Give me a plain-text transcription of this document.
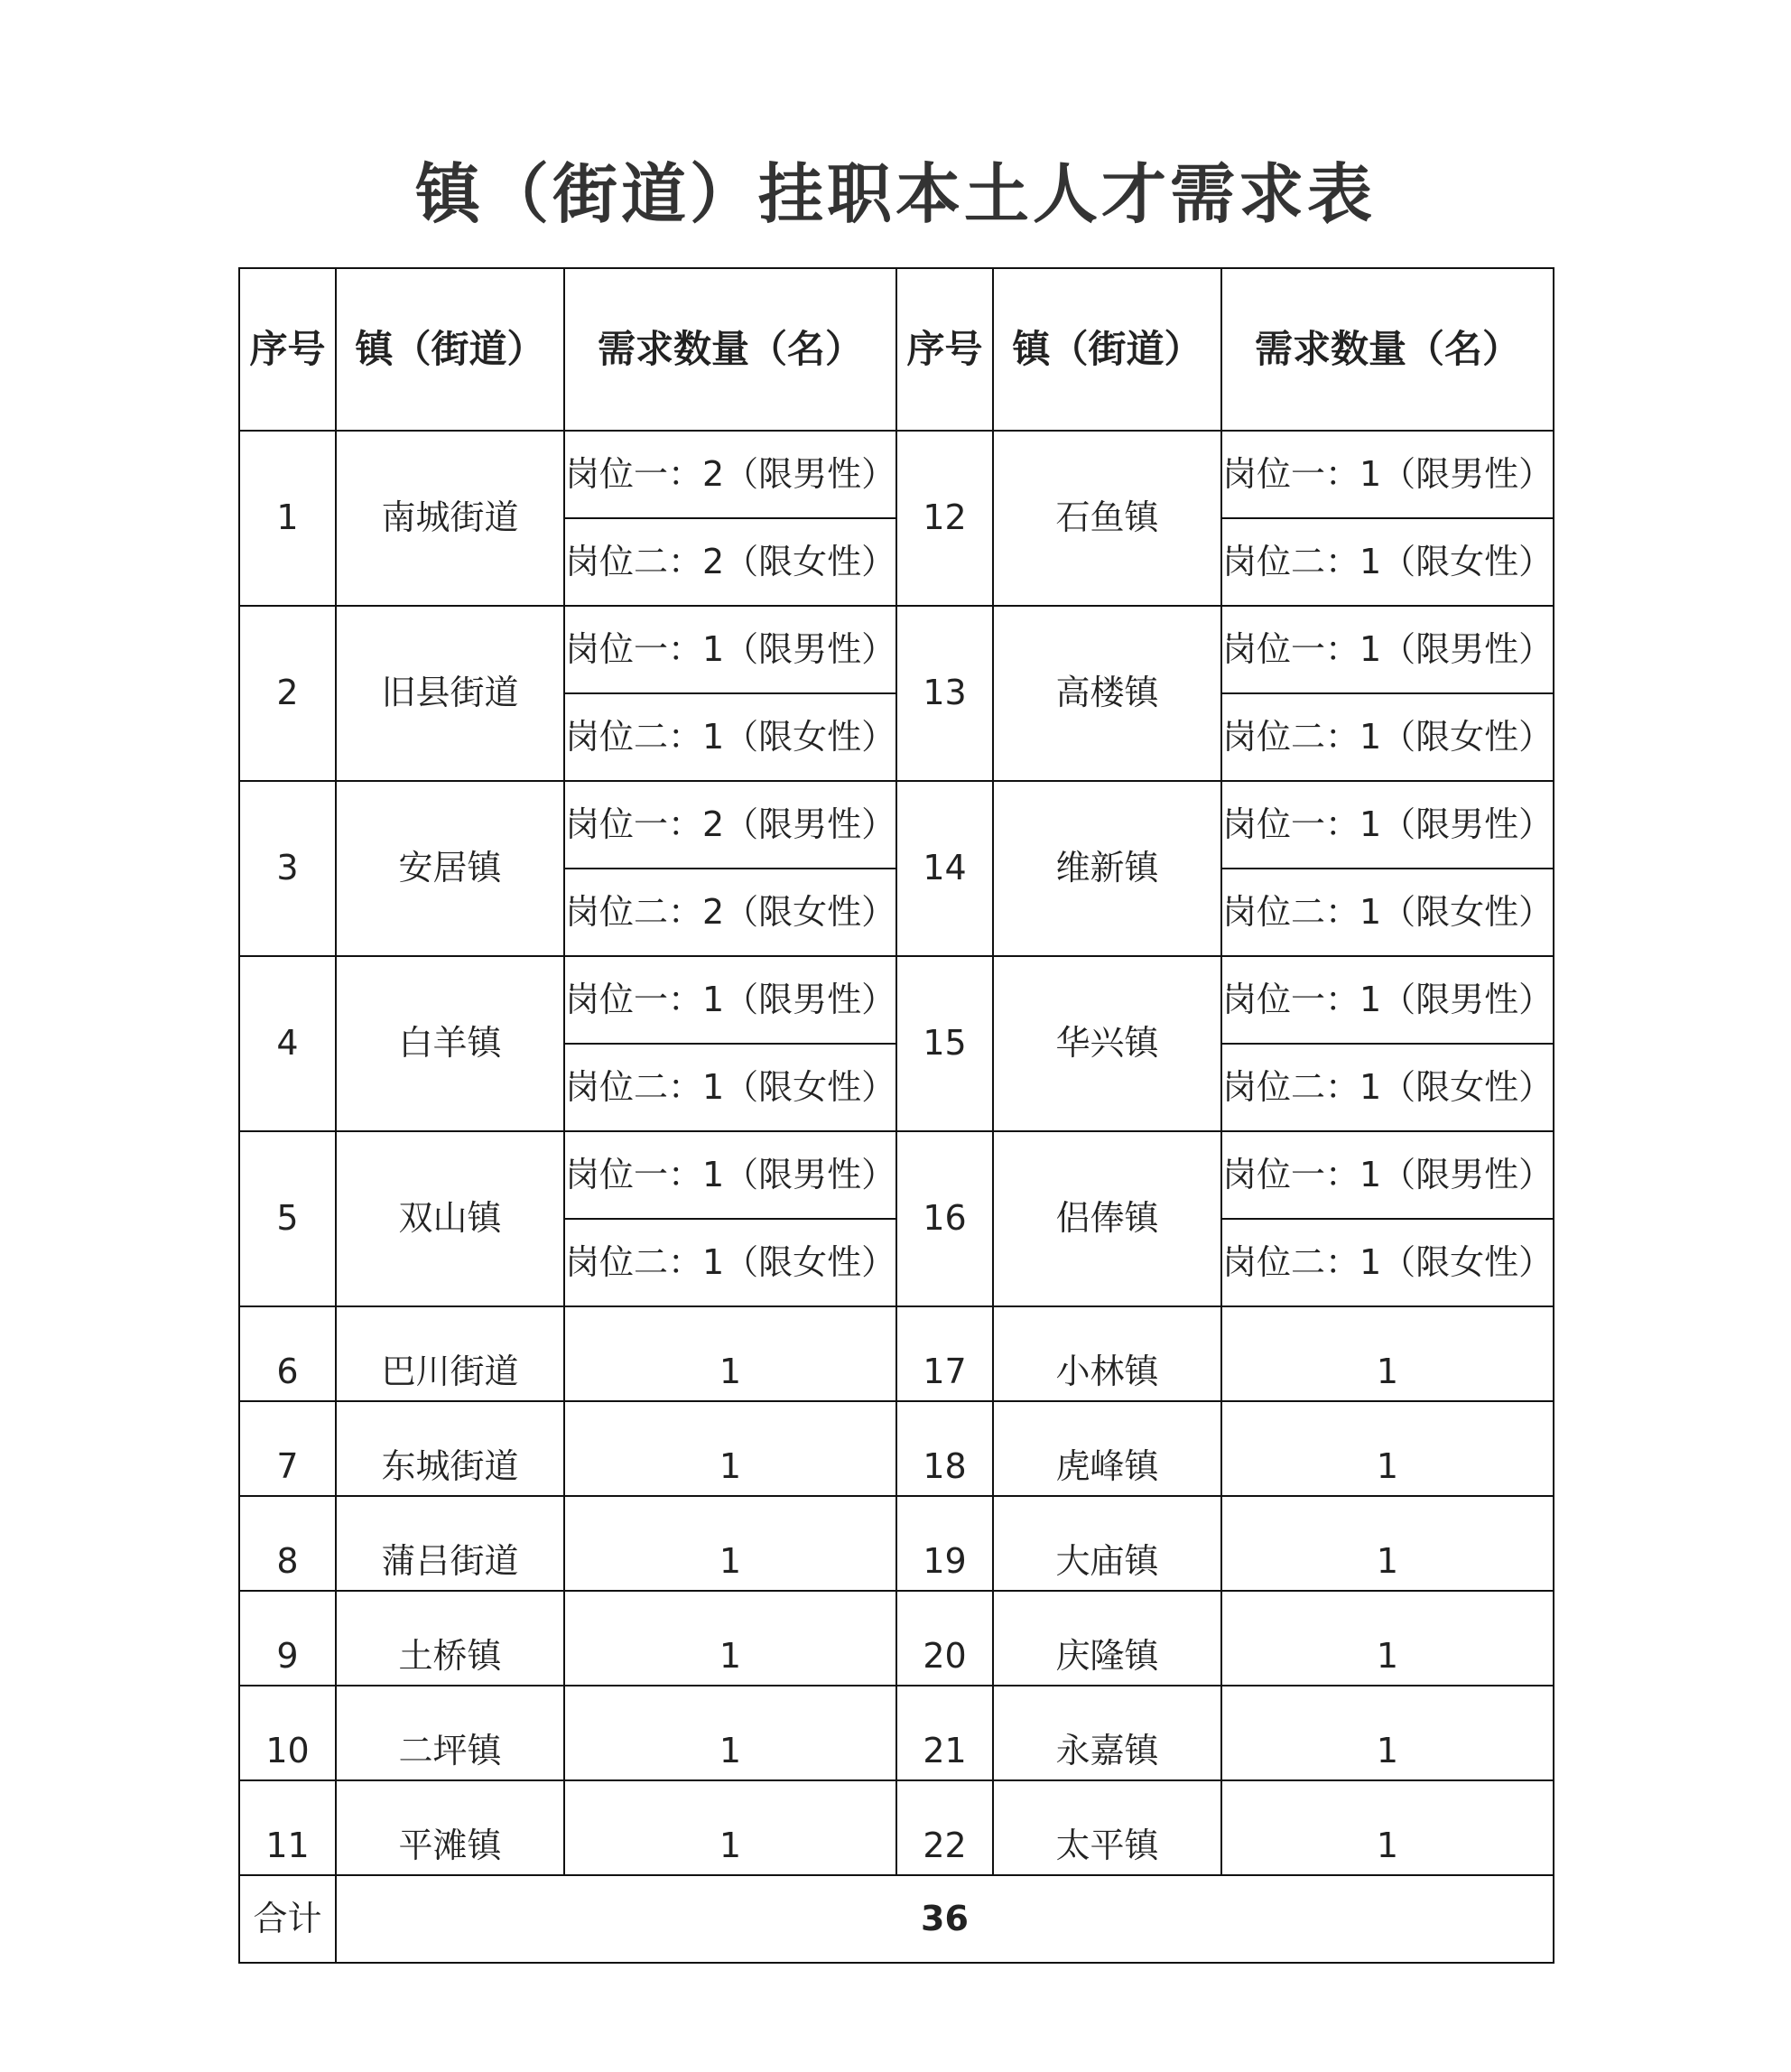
镇（街道）挂职本土人才需求表
序号	镇（街道）	需求数量（名）	序号	镇（街道）	需求数量（名）
1	南城街道	岗位一：2（限男性）	12	石鱼镇	岗位一：1（限男性）
		岗位二：2（限女性）			岗位二：1（限女性）
2	旧县街道	岗位一：1（限男性）	13	高楼镇	岗位一：1（限男性）
		岗位二：1（限女性）			岗位二：1（限女性）
3	安居镇	岗位一：2（限男性）	14	维新镇	岗位一：1（限男性）
		岗位二：2（限女性）			岗位二：1（限女性）
4	白羊镇	岗位一：1（限男性）	15	华兴镇	岗位一：1（限男性）
		岗位二：1（限女性）			岗位二：1（限女性）
5	双山镇	岗位一：1（限男性）	16	侣俸镇	岗位一：1（限男性）
		岗位二：1（限女性）			岗位二：1（限女性）
6	巴川街道	1	17	小林镇	1
7	东城街道	1	18	虎峰镇	1
8	蒲吕街道	1	19	大庙镇	1
9	土桥镇	1	20	庆隆镇	1
10	二坪镇	1	21	永嘉镇	1
11	平滩镇	1	22	太平镇	1
合计	36				
